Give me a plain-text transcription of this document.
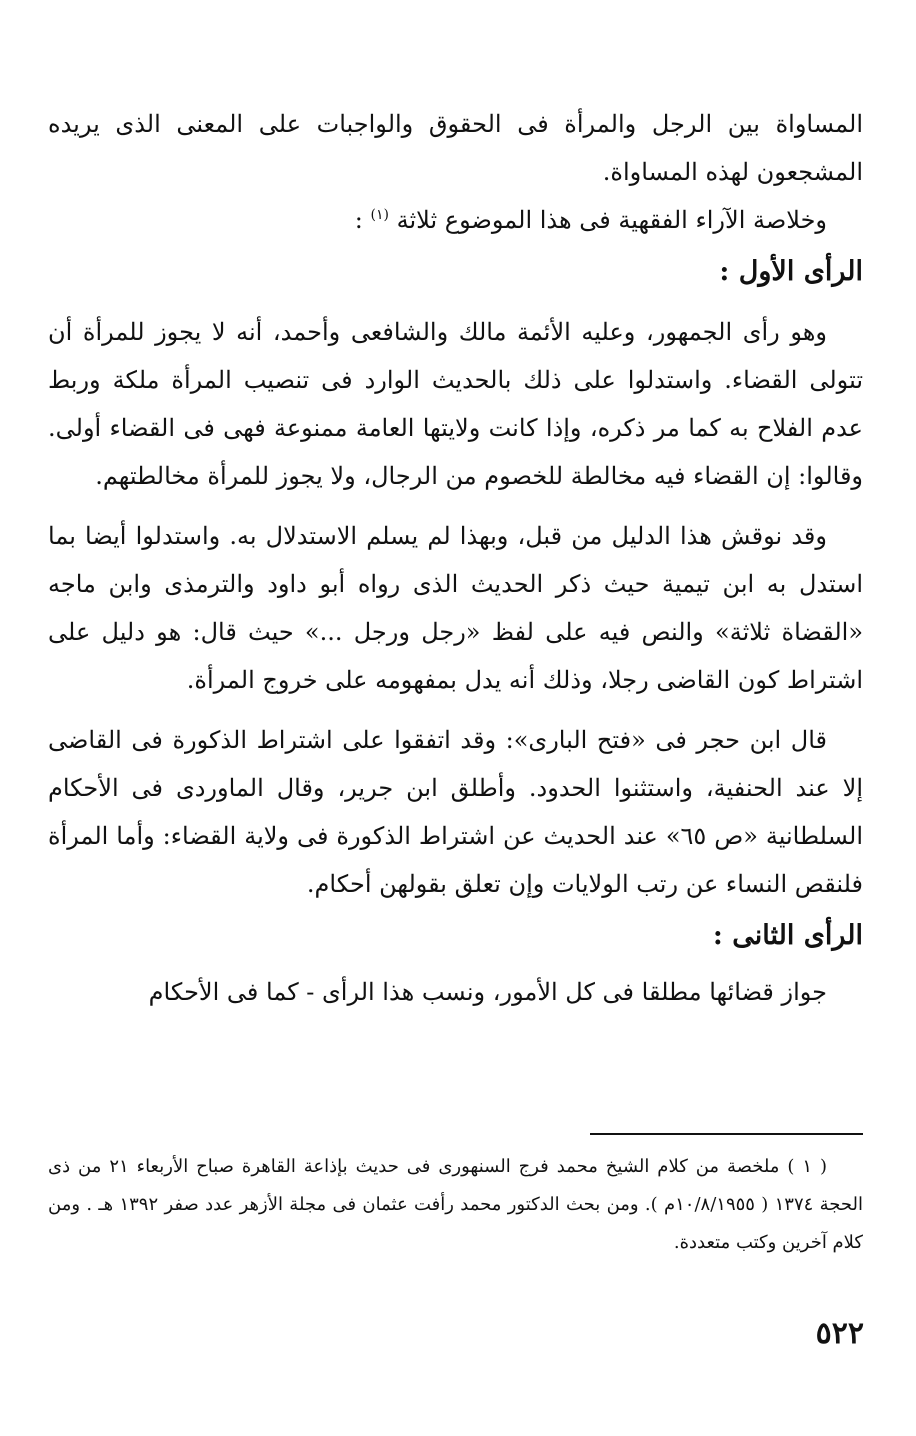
المساواة بين الرجل والمرأة فى الحقوق والواجبات على المعنى الذى يريده المشجعون لهذه المساواة.

وخلاصة الآراء الفقهية فى هذا الموضوع ثلاثة $^{(١)}$ :

الرأى الأول :

وهو رأى الجمهور، وعليه الأئمة مالك والشافعى وأحمد، أنه لا يجوز للمرأة أن تتولى القضاء. واستدلوا على ذلك بالحديث الوارد فى تنصيب المرأة ملكة وربط عدم الفلاح به كما مر ذكره، وإذا كانت ولايتها العامة ممنوعة فهى فى القضاء أولى. وقالوا: إن القضاء فيه مخالطة للخصوم من الرجال، ولا يجوز للمرأة مخالطتهم.

وقد نوقش هذا الدليل من قبل، وبهذا لم يسلم الاستدلال به. واستدلوا أيضا بما استدل به ابن تيمية حيث ذكر الحديث الذى رواه أبو داود والترمذى وابن ماجه «القضاة ثلاثة» والنص فيه على لفظ «رجل ورجل ...» حيث قال: هو دليل على اشتراط كون القاضى رجلا، وذلك أنه يدل بمفهومه على خروج المرأة.

قال ابن حجر فى «فتح البارى»: وقد اتفقوا على اشتراط الذكورة فى القاضى إلا عند الحنفية، واستثنوا الحدود. وأطلق ابن جرير، وقال الماوردى فى الأحكام السلطانية «ص ٦٥» عند الحديث عن اشتراط الذكورة فى ولاية القضاء: وأما المرأة فلنقص النساء عن رتب الولايات وإن تعلق بقولهن أحكام.

الرأى الثانى :

جواز قضائها مطلقا فى كل الأمور، ونسب هذا الرأى - كما فى الأحكام

( ١ ) ملخصة من كلام الشيخ محمد فرج السنهورى فى حديث بإذاعة القاهرة صباح الأربعاء ٢١ من ذى الحجة ١٣٧٤ ( ١٠/٨/١٩٥٥م ). ومن بحث الدكتور محمد رأفت عثمان فى مجلة الأزهر عدد صفر ١٣٩٢ هـ . ومن كلام آخرين وكتب متعددة.

٥٢٢
